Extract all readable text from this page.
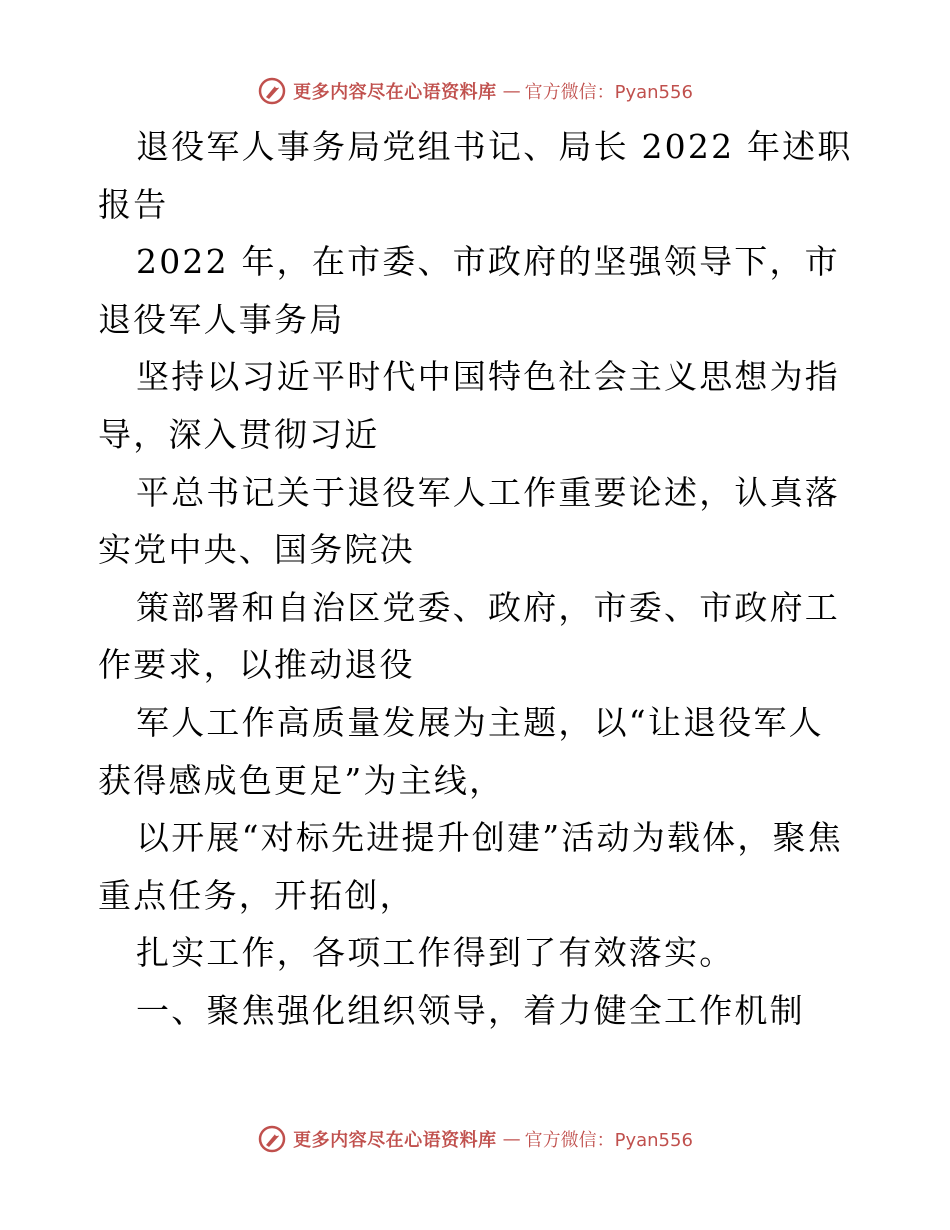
更多内容尽在心语资料库 — 官方微信：Pyan556

退役军人事务局党组书记、局长 2022 年述职报告

2022 年，在市委、市政府的坚强领导下，市退役军人事务局

坚持以习近平时代中国特色社会主义思想为指导，深入贯彻习近

平总书记关于退役军人工作重要论述，认真落实党中央、国务院决

策部署和自治区党委、政府，市委、市政府工作要求，以推动退役

军人工作高质量发展为主题，以“让退役军人获得感成色更足”为主线，

以开展“对标先进提升创建”活动为载体，聚焦重点任务，开拓创，

扎实工作，各项工作得到了有效落实。

一、聚焦强化组织领导，着力健全工作机制

更多内容尽在心语资料库 — 官方微信：Pyan556
